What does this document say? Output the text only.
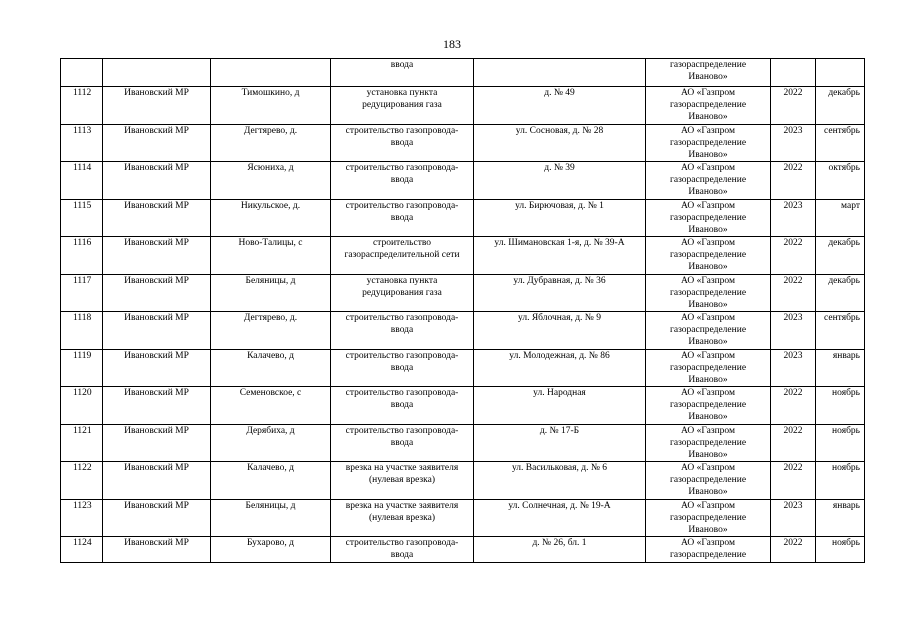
183
			ввода		газораспределение
Иваново»		
1112	Ивановский МР	Тимошкино, д	установка пункта
редуцирования газа	д. № 49	АО «Газпром
газораспределение
Иваново»	2022	декабрь
1113	Ивановский МР	Дегтярево, д.	строительство газопровода-
ввода	ул. Сосновая, д. № 28	АО «Газпром
газораспределение
Иваново»	2023	сентябрь
1114	Ивановский МР	Ясюниха, д	строительство газопровода-
ввода	д. № 39	АО «Газпром
газораспределение
Иваново»	2022	октябрь
1115	Ивановский МР	Никульское, д.	строительство газопровода-
ввода	ул. Бирючовая, д. № 1	АО «Газпром
газораспределение
Иваново»	2023	март
1116	Ивановский МР	Ново-Талицы, с	строительство
газораспределительной сети	ул. Шимановская 1-я, д. № 39-А	АО «Газпром
газораспределение
Иваново»	2022	декабрь
1117	Ивановский МР	Беляницы, д	установка пункта
редуцирования газа	ул. Дубравная, д. № 36	АО «Газпром
газораспределение
Иваново»	2022	декабрь
1118	Ивановский МР	Дегтярево, д.	строительство газопровода-
ввода	ул. Яблочная, д. № 9	АО «Газпром
газораспределение
Иваново»	2023	сентябрь
1119	Ивановский МР	Калачево, д	строительство газопровода-
ввода	ул. Молодежная, д. № 86	АО «Газпром
газораспределение
Иваново»	2023	январь
1120	Ивановский МР	Семеновское, с	строительство газопровода-
ввода	ул. Народная	АО «Газпром
газораспределение
Иваново»	2022	ноябрь
1121	Ивановский МР	Дерябиха, д	строительство газопровода-
ввода	д. № 17-Б	АО «Газпром
газораспределение
Иваново»	2022	ноябрь
1122	Ивановский МР	Калачево, д	врезка на участке заявителя
(нулевая врезка)	ул. Васильковая, д. № 6	АО «Газпром
газораспределение
Иваново»	2022	ноябрь
1123	Ивановский МР	Беляницы, д	врезка на участке заявителя
(нулевая врезка)	ул. Солнечная, д. № 19-А	АО «Газпром
газораспределение
Иваново»	2023	январь
1124	Ивановский МР	Бухарово, д	строительство газопровода-
ввода	д. № 26, бл. 1	АО «Газпром
газораспределение	2022	ноябрь
